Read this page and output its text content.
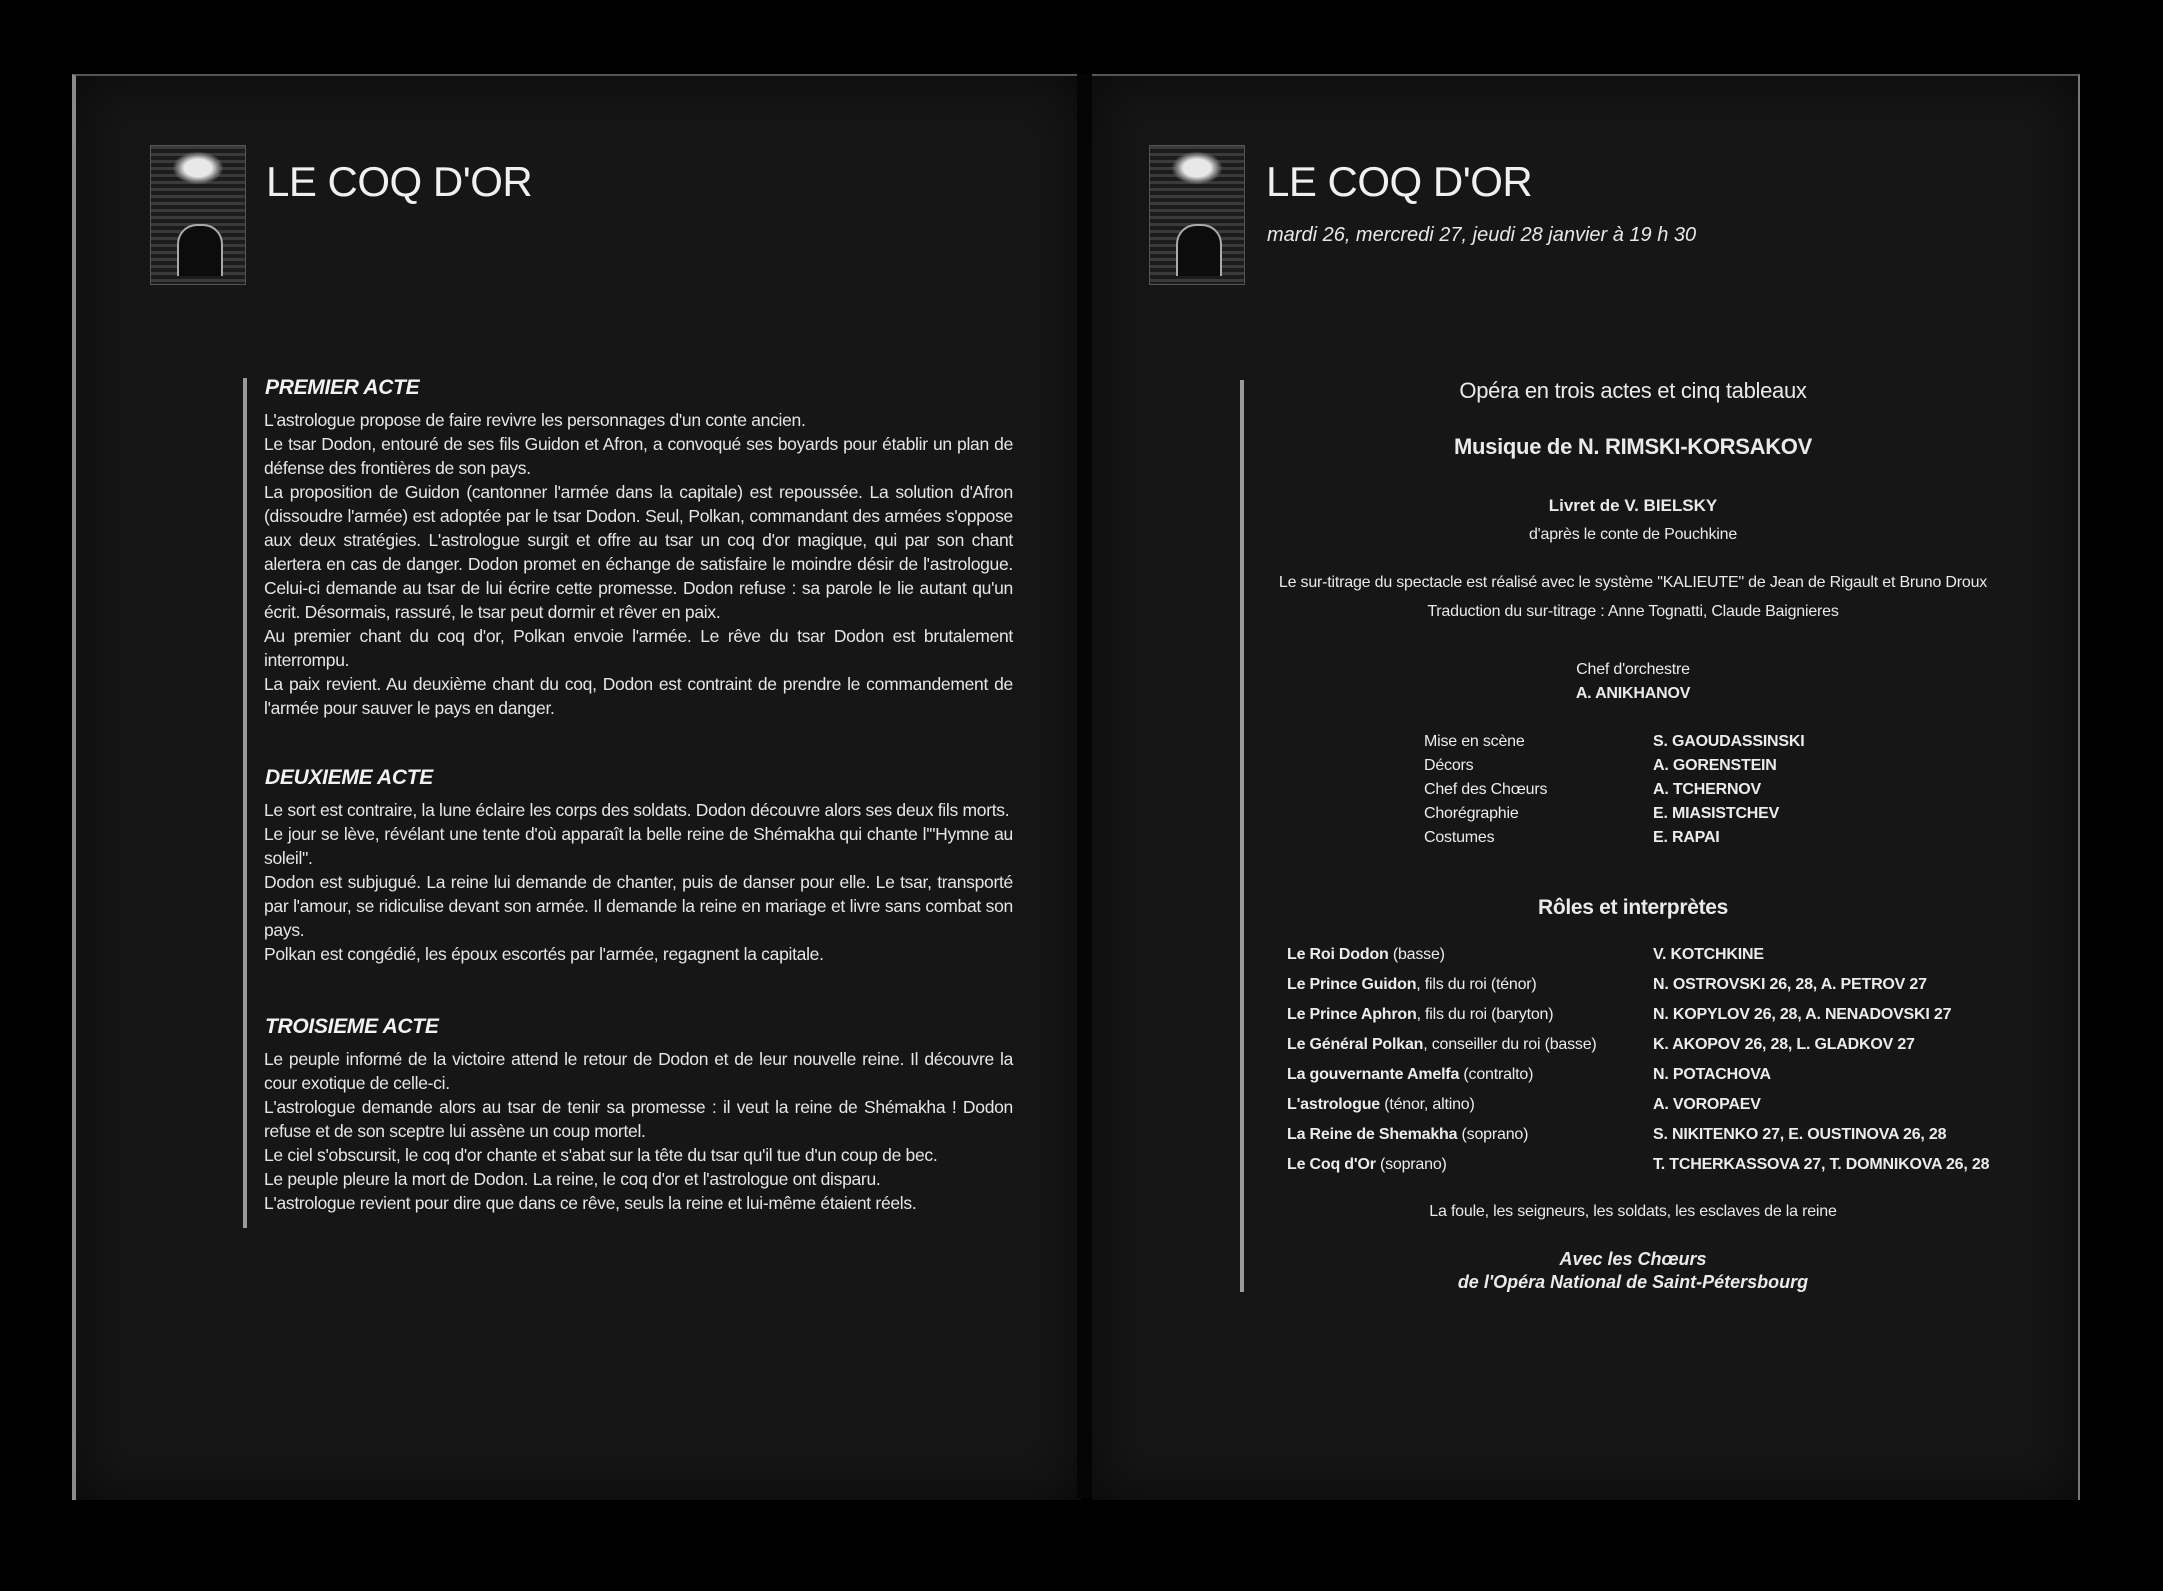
LE COQ D'OR
PREMIER ACTE

L'astrologue propose de faire revivre les personnages d'un conte ancien.

Le tsar Dodon, entouré de ses fils Guidon et Afron, a convoqué ses boyards pour établir un plan de défense des frontières de son pays.

La proposition de Guidon (cantonner l'armée dans la capitale) est repoussée. La solution d'Afron (dissoudre l'armée) est adoptée par le tsar Dodon. Seul, Polkan, commandant des armées s'oppose aux deux stratégies. L'astrologue surgit et offre au tsar un coq d'or magique, qui par son chant alertera en cas de danger. Dodon promet en échange de satisfaire le moindre désir de l'astrologue. Celui-ci demande au tsar de lui écrire cette promesse. Dodon refuse : sa parole le lie autant qu'un écrit. Désormais, rassuré, le tsar peut dormir et rêver en paix.

Au premier chant du coq d'or, Polkan envoie l'armée. Le rêve du tsar Dodon est brutalement interrompu.

La paix revient. Au deuxième chant du coq, Dodon est contraint de prendre le commandement de l'armée pour sauver le pays en danger.

DEUXIEME ACTE

Le sort est contraire, la lune éclaire les corps des soldats. Dodon découvre alors ses deux fils morts.

Le jour se lève, révélant une tente d'où apparaît la belle reine de Shémakha qui chante l'"Hymne au soleil".

Dodon est subjugué. La reine lui demande de chanter, puis de danser pour elle. Le tsar, transporté par l'amour, se ridiculise devant son armée. Il demande la reine en mariage et livre sans combat son pays.

Polkan est congédié, les époux escortés par l'armée, regagnent la capitale.

TROISIEME ACTE

Le peuple informé de la victoire attend le retour de Dodon et de leur nouvelle reine. Il découvre la cour exotique de celle-ci.

L'astrologue demande alors au tsar de tenir sa promesse : il veut la reine de Shémakha ! Dodon refuse et de son sceptre lui assène un coup mortel.

Le ciel s'obscursit, le coq d'or chante et s'abat sur la tête du tsar qu'il tue d'un coup de bec.

Le peuple pleure la mort de Dodon. La reine, le coq d'or et l'astrologue ont disparu.

L'astrologue revient pour dire que dans ce rêve, seuls la reine et lui-même étaient réels.

LE COQ D'OR
mardi 26, mercredi 27, jeudi 28 janvier à 19 h 30
Opéra en trois actes et cinq tableaux
Musique de N. RIMSKI-KORSAKOV
Livret de V. BIELSKY
d'après le conte de Pouchkine
Le sur-titrage du spectacle est réalisé avec le système "KALIEUTE" de Jean de Rigault et Bruno Droux
Traduction du sur-titrage : Anne Tognatti, Claude Baignieres
Chef d'orchestre
A. ANIKHANOV
Mise en scène	S. GAOUDASSINSKI
Décors	A. GORENSTEIN
Chef des Chœurs	A. TCHERNOV
Chorégraphie	E. MIASISTCHEV
Costumes	E. RAPAI
Rôles et interprètes
Le Roi Dodon (basse)	V. KOTCHKINE
Le Prince Guidon, fils du roi (ténor)	N. OSTROVSKI 26, 28, A. PETROV 27
Le Prince Aphron, fils du roi (baryton)	N. KOPYLOV 26, 28, A. NENADOVSKI 27
Le Général Polkan, conseiller du roi (basse)	K. AKOPOV 26, 28, L. GLADKOV 27
La gouvernante Amelfa (contralto)	N. POTACHOVA
L'astrologue (ténor, altino)	A. VOROPAEV
La Reine de Shemakha (soprano)	S. NIKITENKO 27, E. OUSTINOVA 26, 28
Le Coq d'Or (soprano)	T. TCHERKASSOVA 27, T. DOMNIKOVA 26, 28
La foule, les seigneurs, les soldats, les esclaves de la reine
Avec les Chœurs
de l'Opéra National de Saint-Pétersbourg
